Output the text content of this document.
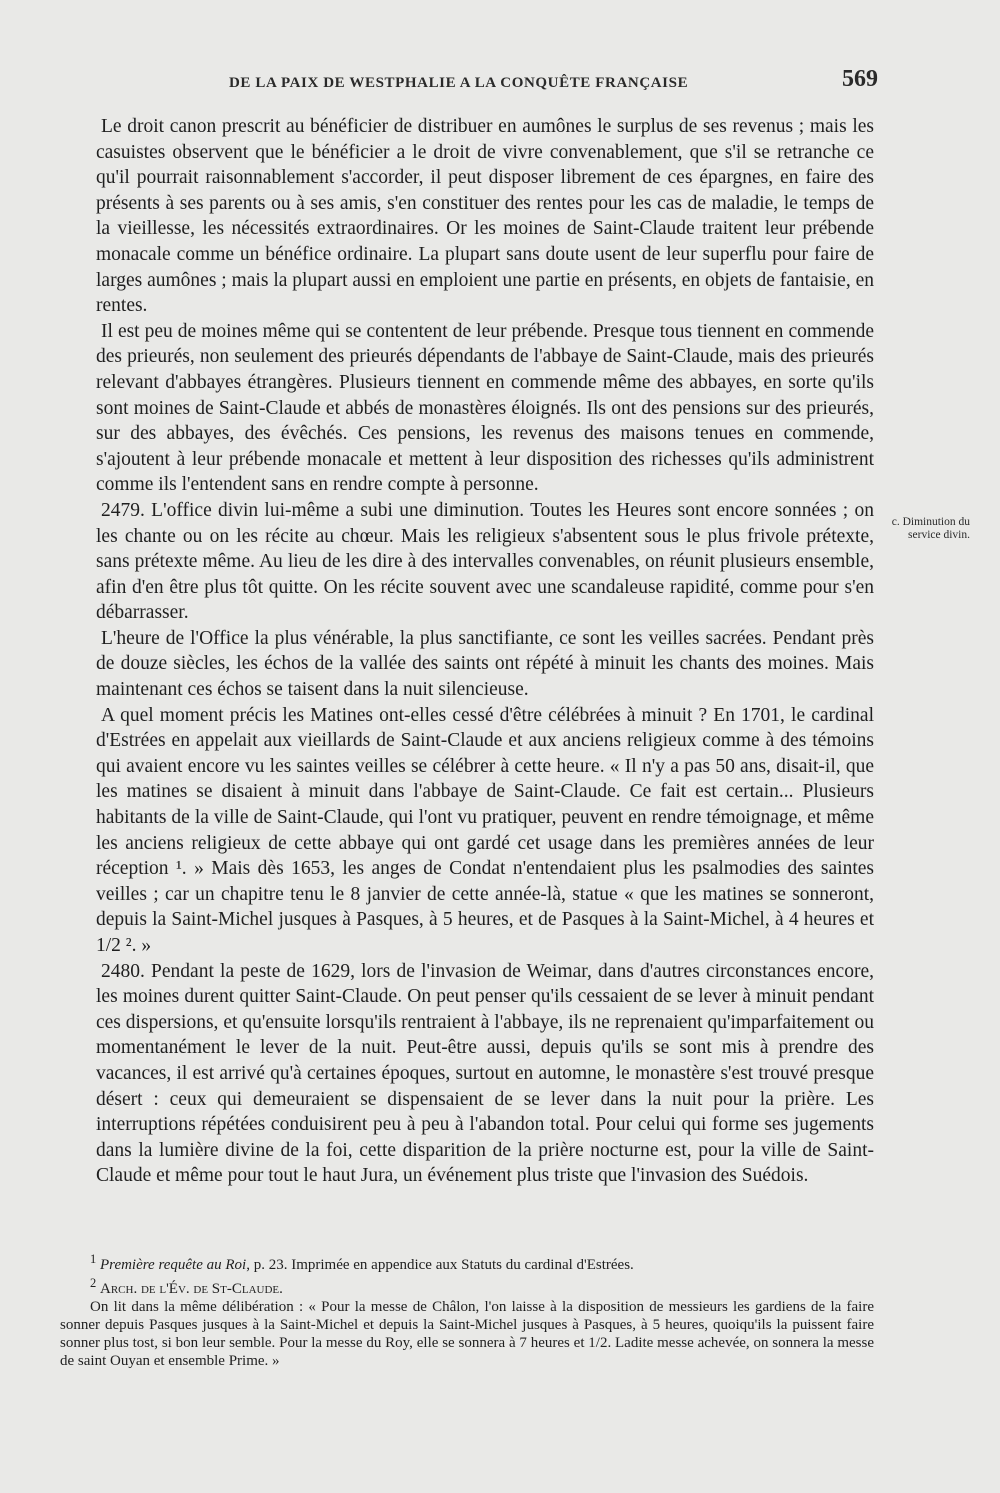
DE LA PAIX DE WESTPHALIE A LA CONQUÊTE FRANÇAISE	569

Le droit canon prescrit au bénéficier de distribuer en aumônes le surplus de ses revenus ; mais les casuistes observent que le bénéficier a le droit de vivre convenablement, que s'il se retranche ce qu'il pourrait raisonnablement s'accorder, il peut disposer librement de ces épargnes, en faire des présents à ses parents ou à ses amis, s'en constituer des rentes pour les cas de maladie, le temps de la vieillesse, les nécessités extraordinaires. Or les moines de Saint-Claude traitent leur prébende monacale comme un bénéfice ordinaire. La plupart sans doute usent de leur superflu pour faire de larges aumônes ; mais la plupart aussi en emploient une partie en présents, en objets de fantaisie, en rentes.

Il est peu de moines même qui se contentent de leur prébende. Presque tous tiennent en commende des prieurés, non seulement des prieurés dépendants de l'abbaye de Saint-Claude, mais des prieurés relevant d'abbayes étrangères. Plusieurs tiennent en commende même des abbayes, en sorte qu'ils sont moines de Saint-Claude et abbés de monastères éloignés. Ils ont des pensions sur des prieurés, sur des abbayes, des évêchés. Ces pensions, les revenus des maisons tenues en commende, s'ajoutent à leur prébende monacale et mettent à leur disposition des richesses qu'ils administrent comme ils l'entendent sans en rendre compte à personne.

2479. L'office divin lui-même a subi une diminution. Toutes les Heures sont encore sonnées ; on les chante ou on les récite au chœur. Mais les religieux s'absentent sous le plus frivole prétexte, sans prétexte même. Au lieu de les dire à des intervalles convenables, on réunit plusieurs ensemble, afin d'en être plus tôt quitte. On les récite souvent avec une scandaleuse rapidité, comme pour s'en débarrasser.

L'heure de l'Office la plus vénérable, la plus sanctifiante, ce sont les veilles sacrées. Pendant près de douze siècles, les échos de la vallée des saints ont répété à minuit les chants des moines. Mais maintenant ces échos se taisent dans la nuit silencieuse.

A quel moment précis les Matines ont-elles cessé d'être célébrées à minuit ? En 1701, le cardinal d'Estrées en appelait aux vieillards de Saint-Claude et aux anciens religieux comme à des témoins qui avaient encore vu les saintes veilles se célébrer à cette heure. « Il n'y a pas 50 ans, disait-il, que les matines se disaient à minuit dans l'abbaye de Saint-Claude. Ce fait est certain... Plusieurs habitants de la ville de Saint-Claude, qui l'ont vu pratiquer, peuvent en rendre témoignage, et même les anciens religieux de cette abbaye qui ont gardé cet usage dans les premières années de leur réception ¹. » Mais dès 1653, les anges de Condat n'entendaient plus les psalmodies des saintes veilles ; car un chapitre tenu le 8 janvier de cette année-là, statue « que les matines se sonneront, depuis la Saint-Michel jusques à Pasques, à 5 heures, et de Pasques à la Saint-Michel, à 4 heures et 1/2 ². »

2480. Pendant la peste de 1629, lors de l'invasion de Weimar, dans d'autres circonstances encore, les moines durent quitter Saint-Claude. On peut penser qu'ils cessaient de se lever à minuit pendant ces dispersions, et qu'ensuite lorsqu'ils rentraient à l'abbaye, ils ne reprenaient qu'imparfaitement ou momentanément le lever de la nuit. Peut-être aussi, depuis qu'ils se sont mis à prendre des vacances, il est arrivé qu'à certaines époques, surtout en automne, le monastère s'est trouvé presque désert : ceux qui demeuraient se dispensaient de se lever dans la nuit pour la prière. Les interruptions répétées conduisirent peu à peu à l'abandon total. Pour celui qui forme ses jugements dans la lumière divine de la foi, cette disparition de la prière nocturne est, pour la ville de Saint-Claude et même pour tout le haut Jura, un événement plus triste que l'invasion des Suédois.

c. Diminution du service divin.

$^1$ Première requête au Roi, p. 23. Imprimée en appendice aux Statuts du cardinal d'Estrées.

$^2$ Arch. de l'Év. de St-Claude.

On lit dans la même délibération : « Pour la messe de Châlon, l'on laisse à la disposition de messieurs les gardiens de la faire sonner depuis Pasques jusques à la Saint-Michel et depuis la Saint-Michel jusques à Pasques, à 5 heures, quoiqu'ils la puissent faire sonner plus tost, si bon leur semble. Pour la messe du Roy, elle se sonnera à 7 heures et 1/2. Ladite messe achevée, on sonnera la messe de saint Ouyan et ensemble Prime. »
